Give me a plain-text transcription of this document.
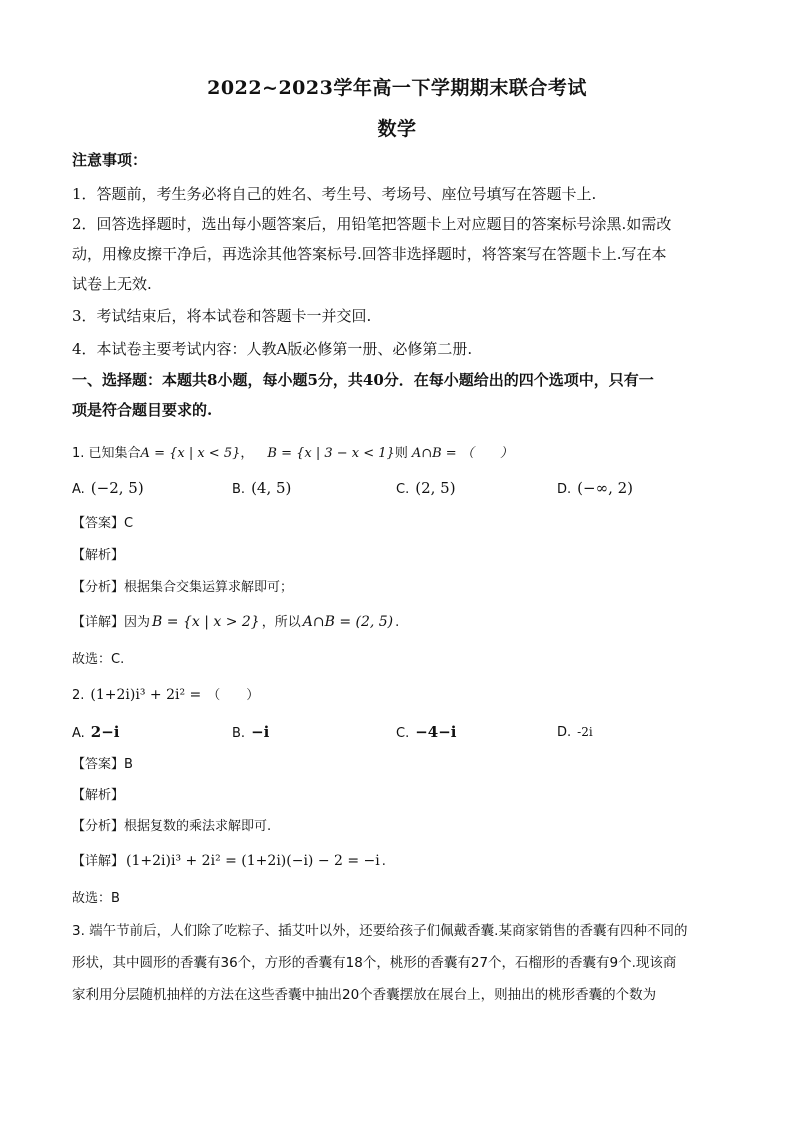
2022~2023学年高一下学期期末联合考试
数学
注意事项：
1．答题前，考生务必将自己的姓名、考生号、考场号、座位号填写在答题卡上.
2．回答选择题时，选出每小题答案后，用铅笔把答题卡上对应题目的答案标号涂黑.如需改
动，用橡皮擦干净后，再选涂其他答案标号.回答非选择题时，将答案写在答题卡上.写在本
试卷上无效.
3．考试结束后，将本试卷和答题卡一并交回.
4．本试卷主要考试内容：人教A版必修第一册、必修第二册.
一、选择题：本题共8小题，每小题5分，共40分．在每小题给出的四个选项中，只有一
项是符合题目要求的.
1. 已知集合A = {x | x < 5}， B = {x | 3 − x < 1}则 A∩B = （　　）
A. (−2, 5)	B. (4, 5)	C. (2, 5)	D. (−∞, 2)
【答案】C
【解析】
【分析】根据集合交集运算求解即可；
【详解】因为 B = {x | x > 2} ，所以 A∩B = (2, 5) .
故选：C.
2. (1+2i)i³ + 2i² = （　　）
A. 2−i	B. −i	C. −4−i	D. -2i
【答案】B
【解析】
【分析】根据复数的乘法求解即可.
【详解】 (1+2i)i³ + 2i² = (1+2i)(−i) − 2 = −i .
故选：B
3. 端午节前后，人们除了吃粽子、插艾叶以外，还要给孩子们佩戴香囊.某商家销售的香囊有四种不同的
形状，其中圆形的香囊有36个，方形的香囊有18个，桃形的香囊有27个，石榴形的香囊有9个.现该商
家利用分层随机抽样的方法在这些香囊中抽出20个香囊摆放在展台上，则抽出的桃形香囊的个数为
